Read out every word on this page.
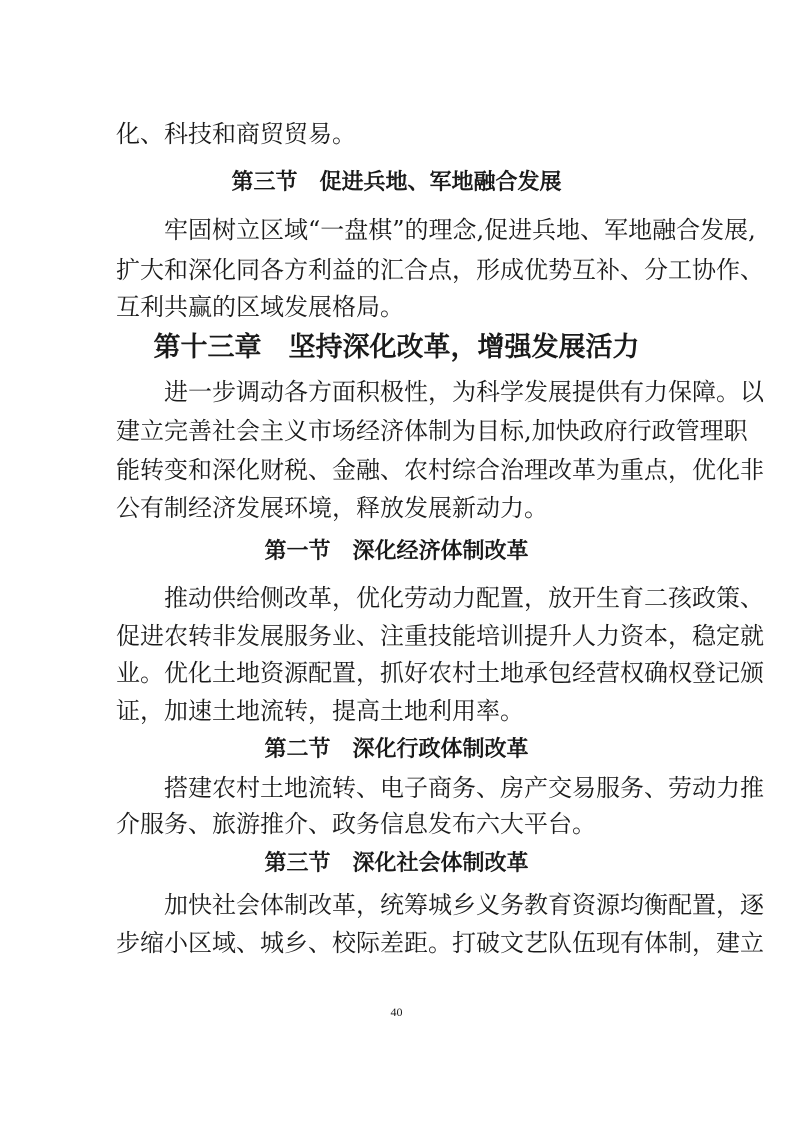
化、科技和商贸贸易。
第三节　促进兵地、军地融合发展
牢固树立区域“一盘棋”的理念,促进兵地、军地融合发展,
扩大和深化同各方利益的汇合点，形成优势互补、分工协作、
互利共赢的区域发展格局。
第十三章　坚持深化改革，增强发展活力
进一步调动各方面积极性，为科学发展提供有力保障。以
建立完善社会主义市场经济体制为目标,加快政府行政管理职
能转变和深化财税、金融、农村综合治理改革为重点，优化非
公有制经济发展环境，释放发展新动力。
第一节　深化经济体制改革
推动供给侧改革，优化劳动力配置，放开生育二孩政策、
促进农转非发展服务业、注重技能培训提升人力资本，稳定就
业。优化土地资源配置，抓好农村土地承包经营权确权登记颁
证，加速土地流转，提高土地利用率。
第二节　深化行政体制改革
搭建农村土地流转、电子商务、房产交易服务、劳动力推
介服务、旅游推介、政务信息发布六大平台。
第三节　深化社会体制改革
加快社会体制改革，统筹城乡义务教育资源均衡配置，逐
步缩小区域、城乡、校际差距。打破文艺队伍现有体制，建立
40
